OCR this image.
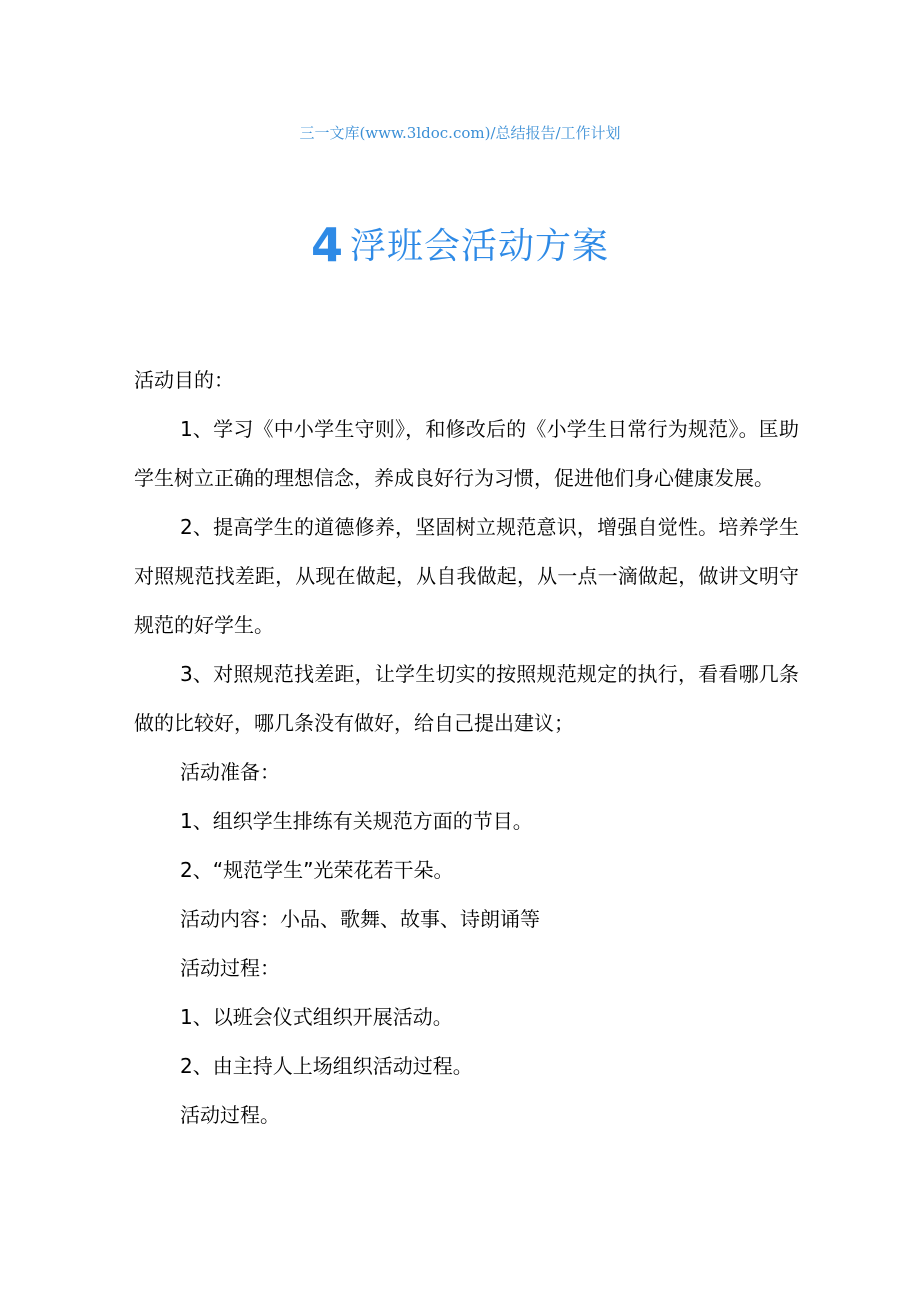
三一文库(www.3ldoc.com)/总结报告/工作计划
4 浮班会活动方案

活动目的：

1、学习《中小学生守则》，和修改后的《小学生日常行为规范》。匡助学生树立正确的理想信念，养成良好行为习惯，促进他们身心健康发展。

2、提高学生的道德修养，坚固树立规范意识，增强自觉性。培养学生对照规范找差距，从现在做起，从自我做起，从一点一滴做起，做讲文明守规范的好学生。

3、对照规范找差距，让学生切实的按照规范规定的执行，看看哪几条做的比较好，哪几条没有做好，给自己提出建议；

活动准备：

1、组织学生排练有关规范方面的节目。

2、“规范学生”光荣花若干朵。

活动内容：小品、歌舞、故事、诗朗诵等

活动过程：

1、以班会仪式组织开展活动。

2、由主持人上场组织活动过程。

活动过程。
